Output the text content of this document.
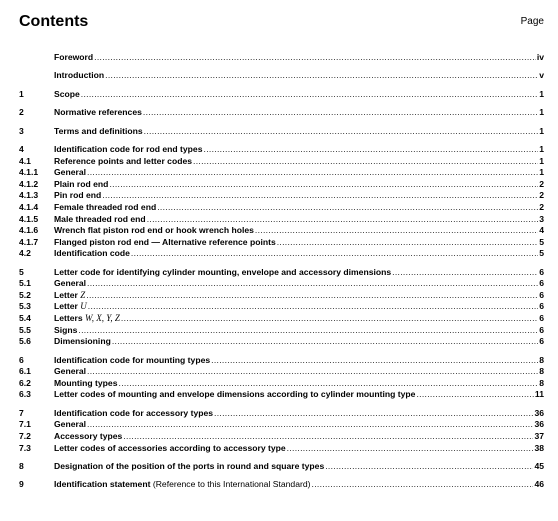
Contents	Page
Foreword .....	iv
Introduction .....	v
1	Scope .....	1
2	Normative references .....	1
3	Terms and definitions .....	1
4	Identification code for rod end types .....	1
4.1	Reference points and letter codes .....	1
4.1.1	General .....	1
4.1.2	Plain rod end .....	2
4.1.3	Pin rod end .....	2
4.1.4	Female threaded rod end .....	2
4.1.5	Male threaded rod end .....	3
4.1.6	Wrench flat piston rod end or hook wrench holes .....	4
4.1.7	Flanged piston rod end — Alternative reference points .....	5
4.2	Identification code .....	5
5	Letter code for identifying cylinder mounting, envelope and accessory dimensions .....	6
5.1	General .....	6
5.2	Letter Z .....	6
5.3	Letter U .....	6
5.4	Letters W, X, Y, Z .....	6
5.5	Signs .....	6
5.6	Dimensioning .....	6
6	Identification code for mounting types .....	8
6.1	General .....	8
6.2	Mounting types .....	8
6.3	Letter codes of mounting and envelope dimensions according to cylinder mounting type .....	11
7	Identification code for accessory types .....	36
7.1	General .....	36
7.2	Accessory types .....	37
7.3	Letter codes of accessories according to accessory type .....	38
8	Designation of the position of the ports in round and square types .....	45
9	Identification statement (Reference to this International Standard) .....	46
